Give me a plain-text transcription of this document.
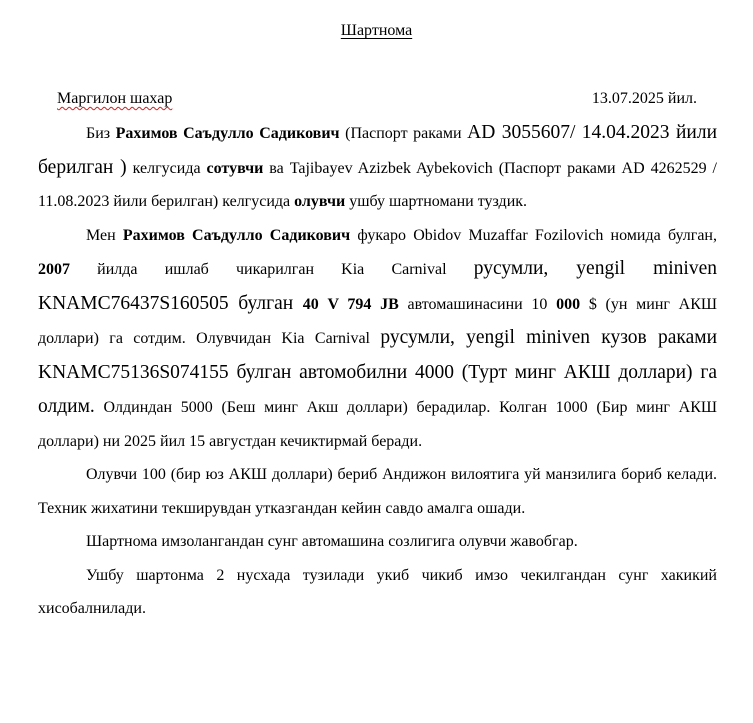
Шартнома
Маргилон шахар	13.07.2025 йил.

Биз Рахимов Саъдулло Садикович (Паспорт раками AD 3055607/ 14.04.2023 йили берилган ) келгусида сотувчи ва Tajibayev Azizbek Aybekovich (Паспорт раками AD 4262529 / 11.08.2023 йили берилган) келгусида олувчи ушбу шартномани туздик.

Мен Рахимов Саъдулло Садикович фукаро Obidov Muzaffar Fozilovich номида булган, 2007 йилда ишлаб чикарилган Kia Carnival русумли, yengil miniven KNAMC76437S160505 булган 40 V 794 JB автомашинасини 10 000 $ (ун минг АКШ доллари) га сотдим. Олувчидан Kia Carnival русумли, yengil miniven кузов раками KNAMC75136S074155 булган автомобилни 4000 (Турт минг АКШ доллари) га олдим. Олдиндан 5000 (Беш минг Акш доллари) берадилар. Колган 1000 (Бир минг АКШ доллари) ни 2025 йил 15 августдан кечиктирмай беради.

Олувчи 100 (бир юз АКШ доллари) бериб Андижон вилоятига уй манзилига бориб келади. Техник жихатини текширувдан утказгандан кейин савдо амалга ошади.

Шартнома имзолангандан сунг автомашина созлигига олувчи жавобгар.

Ушбу шартонма 2 нусхада тузилади укиб чикиб имзо чекилгандан сунг хакикий хисобалнилади.
